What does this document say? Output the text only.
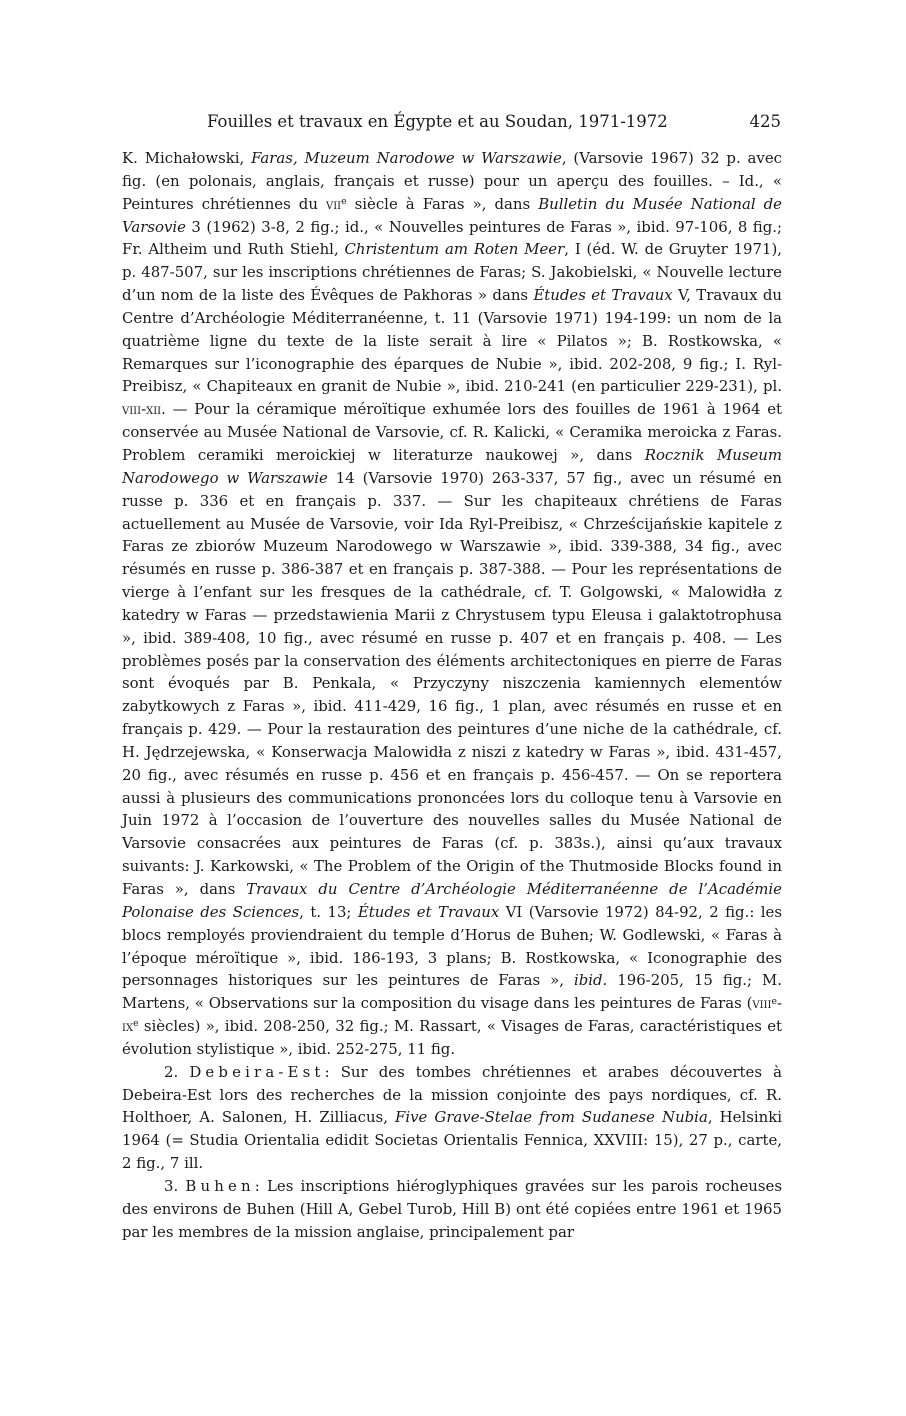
Fouilles et travaux en Égypte et au Soudan, 1971-1972	425

K. Michałowski, Faras, Muzeum Narodowe w Warszawie, (Varsovie 1967) 32 p. avec fig. (en polonais, anglais, français et russe) pour un aperçu des fouilles. – Id., « Peintures chrétiennes du vii$^e$ siècle à Faras », dans Bulletin du Musée National de Varsovie 3 (1962) 3-8, 2 fig.; id., « Nouvelles peintures de Faras », ibid. 97-106, 8 fig.; Fr. Altheim und Ruth Stiehl, Christentum am Roten Meer, I (éd. W. de Gruyter 1971), p. 487-507, sur les inscriptions chrétiennes de Faras; S. Jakobielski, « Nouvelle lecture d’un nom de la liste des Évêques de Pakhoras » dans Études et Travaux V, Travaux du Centre d’Archéologie Méditerranéenne, t. 11 (Varsovie 1971) 194-199: un nom de la quatrième ligne du texte de la liste serait à lire « Pilatos »; B. Rostkowska, « Remarques sur l’iconographie des éparques de Nubie », ibid. 202-208, 9 fig.; I. Ryl-Preibisz, « Chapiteaux en granit de Nubie », ibid. 210-241 (en particulier 229-231), pl. viii-xii. — Pour la céramique méroïtique exhumée lors des fouilles de 1961 à 1964 et conservée au Musée National de Varsovie, cf. R. Kalicki, « Ceramika meroicka z Faras. Problem ceramiki meroickiej w literaturze naukowej », dans Rocznik Museum Narodowego w Warszawie 14 (Varsovie 1970) 263-337, 57 fig., avec un résumé en russe p. 336 et en français p. 337. — Sur les chapiteaux chrétiens de Faras actuellement au Musée de Varsovie, voir Ida Ryl-Preibisz, « Chrześcijańskie kapitele z Faras ze zbiorów Muzeum Narodowego w Warszawie », ibid. 339-388, 34 fig., avec résumés en russe p. 386-387 et en français p. 387-388. — Pour les représentations de vierge à l’enfant sur les fresques de la cathédrale, cf. T. Golgowski, « Malowidła z katedry w Faras — przedstawienia Marii z Chrystusem typu Eleusa i galaktotrophusa », ibid. 389-408, 10 fig., avec résumé en russe p. 407 et en français p. 408. — Les problèmes posés par la conservation des éléments architectoniques en pierre de Faras sont évoqués par B. Penkala, « Przyczyny niszczenia kamiennych elementów zabytkowych z Faras », ibid. 411-429, 16 fig., 1 plan, avec résumés en russe et en français p. 429. — Pour la restauration des peintures d’une niche de la cathédrale, cf. H. Jędrzejewska, « Konserwacja Malowidła z niszi z katedry w Faras », ibid. 431-457, 20 fig., avec résumés en russe p. 456 et en français p. 456-457. — On se reportera aussi à plusieurs des communications prononcées lors du colloque tenu à Varsovie en Juin 1972 à l’occasion de l’ouverture des nouvelles salles du Musée National de Varsovie consacrées aux peintures de Faras (cf. p. 383s.), ainsi qu’aux travaux suivants: J. Karkowski, « The Problem of the Origin of the Thutmoside Blocks found in Faras », dans Travaux du Centre d’Archéologie Méditerranéenne de l’Académie Polonaise des Sciences, t. 13; Études et Travaux VI (Varsovie 1972) 84-92, 2 fig.: les blocs remployés proviendraient du temple d’Horus de Buhen; W. Godlewski, « Faras à l’époque méroïtique », ibid. 186-193, 3 plans; B. Rostkowska, « Iconographie des personnages historiques sur les peintures de Faras », ibid. 196-205, 15 fig.; M. Martens, « Observations sur la composition du visage dans les peintures de Faras ($viii^e-ix^e$ siècles) », ibid. 208-250, 32 fig.; M. Rassart, « Visages de Faras, caractéristiques et évolution stylistique », ibid. 252-275, 11 fig.

2. Debeira-Est: Sur des tombes chrétiennes et arabes découvertes à Debeira-Est lors des recherches de la mission conjointe des pays nordiques, cf. R. Holthoer, A. Salonen, H. Zilliacus, Five Grave-Stelae from Sudanese Nubia, Helsinki 1964 (= Studia Orientalia edidit Societas Orientalis Fennica, XXVIII: 15), 27 p., carte, 2 fig., 7 ill.

3. Buhen: Les inscriptions hiéroglyphiques gravées sur les parois rocheuses des environs de Buhen (Hill A, Gebel Turob, Hill B) ont été copiées entre 1961 et 1965 par les membres de la mission anglaise, principalement par
